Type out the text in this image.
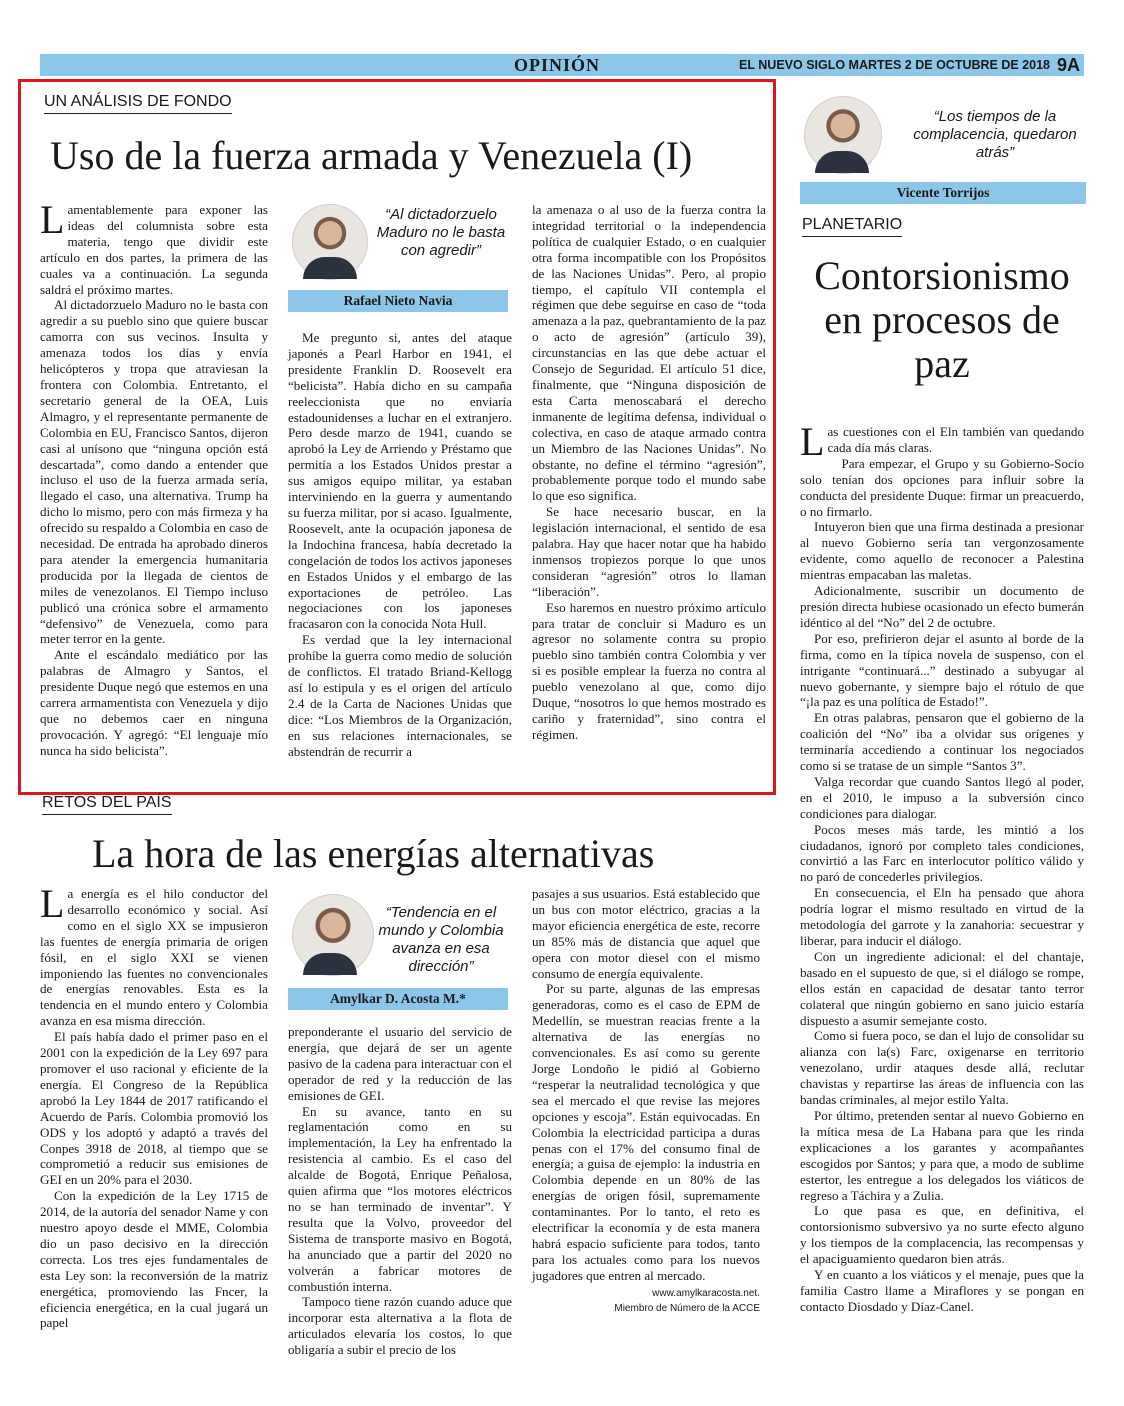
OPINIÓN	EL NUEVO SIGLO MARTES 2 DE OCTUBRE DE 2018 9A
UN ANÁLISIS DE FONDO
Uso de la fuerza armada y Venezuela (I)

Lamentablemente para exponer las ideas del columnista sobre esta materia, tengo que dividir este artículo en dos partes, la primera de las cuales va a continuación. La segunda saldrá el próximo martes.

Al dictadorzuelo Maduro no le basta con agredir a su pueblo sino que quiere buscar camorra con sus vecinos. Insulta y amenaza todos los días y envía helicópteros y tropa que atraviesan la frontera con Colombia. Entretanto, el secretario general de la OEA, Luis Almagro, y el representante permanente de Colombia en EU, Francisco Santos, dijeron casi al unísono que “ninguna opción está descartada”, como dando a entender que incluso el uso de la fuerza armada sería, llegado el caso, una alternativa. Trump ha dicho lo mismo, pero con más firmeza y ha ofrecido su respaldo a Colombia en caso de necesidad. De entrada ha aprobado dineros para atender la emergencia humanitaria producida por la llegada de cientos de miles de venezolanos. El Tiempo incluso publicó una crónica sobre el armamento “defensivo” de Venezuela, como para meter terror en la gente.

Ante el escándalo mediático por las palabras de Almagro y Santos, el presidente Duque negó que estemos en una carrera armamentista con Venezuela y dijo que no debemos caer en ninguna provocación. Y agregó: “El lenguaje mío nunca ha sido belicista”.

“Al dictadorzuelo Maduro no le basta con agredir”
Rafael Nieto Navia

Me pregunto si, antes del ataque japonés a Pearl Harbor en 1941, el presidente Franklin D. Roosevelt era “belicista”. Había dicho en su campaña reeleccionista que no enviaría estadounidenses a luchar en el extranjero. Pero desde marzo de 1941, cuando se aprobó la Ley de Arriendo y Préstamo que permitía a los Estados Unidos prestar a sus amigos equipo militar, ya estaban interviniendo en la guerra y aumentando su fuerza militar, por si acaso. Igualmente, Roosevelt, ante la ocupación japonesa de la Indochina francesa, había decretado la congelación de todos los activos japoneses en Estados Unidos y el embargo de las exportaciones de petróleo. Las negociaciones con los japoneses fracasaron con la conocida Nota Hull.

Es verdad que la ley internacional prohíbe la guerra como medio de solución de conflictos. El tratado Briand-Kellogg así lo estipula y es el origen del artículo 2.4 de la Carta de Naciones Unidas que dice: “Los Miembros de la Organización, en sus relaciones internacionales, se abstendrán de recurrir a

la amenaza o al uso de la fuerza contra la integridad territorial o la independencia política de cualquier Estado, o en cualquier otra forma incompatible con los Propósitos de las Naciones Unidas”. Pero, al propio tiempo, el capítulo VII contempla el régimen que debe seguirse en caso de “toda amenaza a la paz, quebrantamiento de la paz o acto de agresión” (artículo 39), circunstancias en las que debe actuar el Consejo de Seguridad. El artículo 51 dice, finalmente, que “Ninguna disposición de esta Carta menoscabará el derecho inmanente de legítima defensa, individual o colectiva, en caso de ataque armado contra un Miembro de las Naciones Unidas”. No obstante, no define el término “agresión”, probablemente porque todo el mundo sabe lo que eso significa.

Se hace necesario buscar, en la legislación internacional, el sentido de esa palabra. Hay que hacer notar que ha habido inmensos tropiezos porque lo que unos consideran “agresión” otros lo llaman “liberación”.

Eso haremos en nuestro próximo artículo para tratar de concluir si Maduro es un agresor no solamente contra su propio pueblo sino también contra Colombia y ver si es posible emplear la fuerza no contra al pueblo venezolano al que, como dijo Duque, “nosotros lo que hemos mostrado es cariño y fraternidad”, sino contra el régimen.

RETOS DEL PAÍS
La hora de las energías alternativas

La energía es el hilo conductor del desarrollo económico y social. Así como en el siglo XX se impusieron las fuentes de energía primaria de origen fósil, en el siglo XXI se vienen imponiendo las fuentes no convencionales de energías renovables. Esta es la tendencia en el mundo entero y Colombia avanza en esa misma dirección.

El país había dado el primer paso en el 2001 con la expedición de la Ley 697 para promover el uso racional y eficiente de la energía. El Congreso de la República aprobó la Ley 1844 de 2017 ratificando el Acuerdo de París. Colombia promovió los ODS y los adoptó y adaptó a través del Conpes 3918 de 2018, al tiempo que se comprometió a reducir sus emisiones de GEI en un 20% para el 2030.

Con la expedición de la Ley 1715 de 2014, de la autoría del senador Name y con nuestro apoyo desde el MME, Colombia dio un paso decisivo en la dirección correcta. Los tres ejes fundamentales de esta Ley son: la reconversión de la matriz energética, promoviendo las Fncer, la eficiencia energética, en la cual jugará un papel

“Tendencia en el mundo y Colombia avanza en esa dirección”
Amylkar D. Acosta M.*

preponderante el usuario del servicio de energía, que dejará de ser un agente pasivo de la cadena para interactuar con el operador de red y la reducción de las emisiones de GEI.

En su avance, tanto en su reglamentación como en su implementación, la Ley ha enfrentado la resistencia al cambio. Es el caso del alcalde de Bogotá, Enrique Peñalosa, quien afirma que “los motores eléctricos no se han terminado de inventar”. Y resulta que la Volvo, proveedor del Sistema de transporte masivo en Bogotá, ha anunciado que a partir del 2020 no volverán a fabricar motores de combustión interna.

Tampoco tiene razón cuando aduce que incorporar esta alternativa a la flota de articulados elevaría los costos, lo que obligaría a subir el precio de los

pasajes a sus usuarios. Está establecido que un bus con motor eléctrico, gracias a la mayor eficiencia energética de este, recorre un 85% más de distancia que aquel que opera con motor diesel con el mismo consumo de energía equivalente.

Por su parte, algunas de las empresas generadoras, como es el caso de EPM de Medellín, se muestran reacias frente a la alternativa de las energías no convencionales. Es así como su gerente Jorge Londoño le pidió al Gobierno “resperar la neutralidad tecnológica y que sea el mercado el que revise las mejores opciones y escoja”. Están equivocadas. En Colombia la electricidad participa a duras penas con el 17% del consumo final de energía; a guisa de ejemplo: la industria en Colombia depende en un 80% de las energías de origen fósil, supremamente contaminantes. Por lo tanto, el reto es electrificar la economía y de esta manera habrá espacio suficiente para todos, tanto para los actuales como para los nuevos jugadores que entren al mercado.

www.amylkaracosta.net.
Miembro de Número de la ACCE
“Los tiempos de la complacencia, quedaron atrás”
Vicente Torrijos
PLANETARIO
Contorsionismo en procesos de paz

Las cuestiones con el Eln también van quedando cada día más claras.

Para empezar, el Grupo y su Gobierno-Socio solo tenían dos opciones para influir sobre la conducta del presidente Duque: firmar un preacuerdo, o no firmarlo.

Intuyeron bien que una firma destinada a presionar al nuevo Gobierno sería tan vergonzosamente evidente, como aquello de reconocer a Palestina mientras empacaban las maletas.

Adicionalmente, suscribir un documento de presión directa hubiese ocasionado un efecto bumerán idéntico al del “No” del 2 de octubre.

Por eso, prefirieron dejar el asunto al borde de la firma, como en la típica novela de suspenso, con el intrigante “continuará...” destinado a subyugar al nuevo gobernante, y siempre bajo el rótulo de que “¡la paz es una política de Estado!”.

En otras palabras, pensaron que el gobierno de la coalición del “No” iba a olvidar sus orígenes y terminaría accediendo a continuar los negociados como si se tratase de un simple “Santos 3”.

Valga recordar que cuando Santos llegó al poder, en el 2010, le impuso a la subversión cinco condiciones para dialogar.

Pocos meses más tarde, les mintió a los ciudadanos, ignoró por completo tales condiciones, convirtió a las Farc en interlocutor político válido y no paró de concederles privilegios.

En consecuencia, el Eln ha pensado que ahora podría lograr el mismo resultado en virtud de la metodología del garrote y la zanahoria: secuestrar y liberar, para inducir el diálogo.

Con un ingrediente adicional: el del chantaje, basado en el supuesto de que, si el diálogo se rompe, ellos están en capacidad de desatar tanto terror colateral que ningún gobierno en sano juicio estaría dispuesto a asumir semejante costo.

Como si fuera poco, se dan el lujo de consolidar su alianza con la(s) Farc, oxigenarse en territorio venezolano, urdir ataques desde allá, reclutar chavistas y repartirse las áreas de influencia con las bandas criminales, al mejor estilo Yalta.

Por último, pretenden sentar al nuevo Gobierno en la mítica mesa de La Habana para que les rinda explicaciones a los garantes y acompañantes escogidos por Santos; y para que, a modo de sublime estertor, les entregue a los delegados los viáticos de regreso a Táchira y a Zulia.

Lo que pasa es que, en definitiva, el contorsionismo subversivo ya no surte efecto alguno y los tiempos de la complacencia, las recompensas y el apaciguamiento quedaron bien atrás.

Y en cuanto a los viáticos y el menaje, pues que la familia Castro llame a Miraflores y se pongan en contacto Diosdado y Díaz-Canel.
